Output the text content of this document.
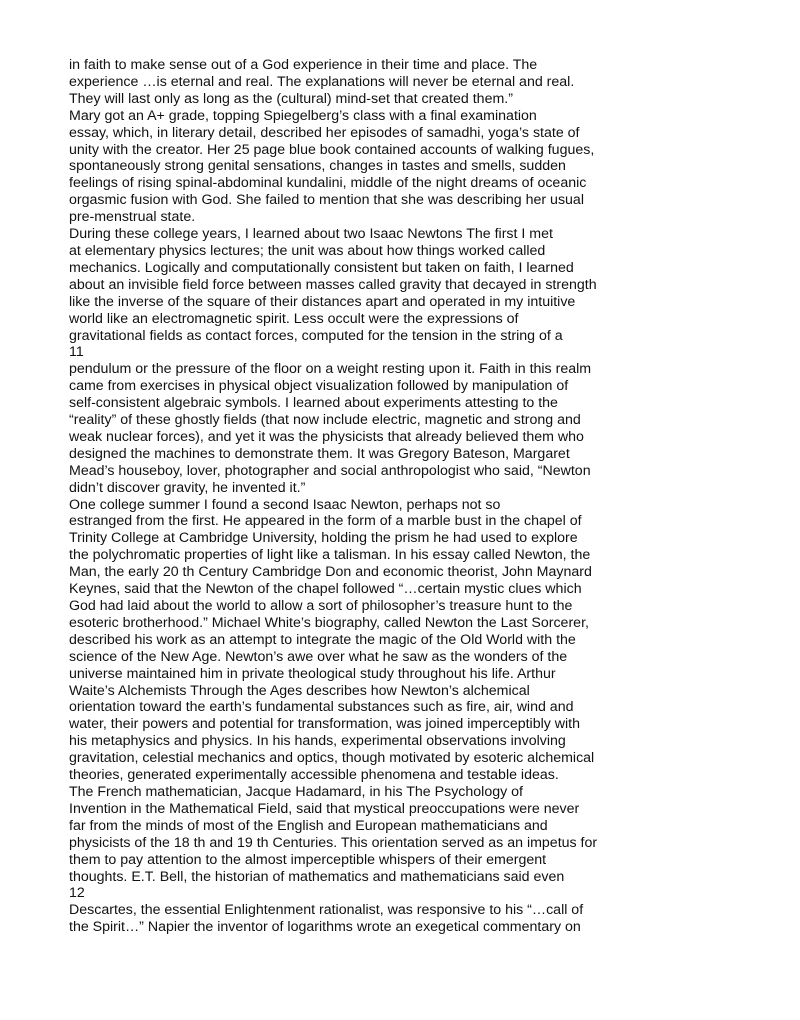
in faith to make sense out of a God experience in their time and place. The
experience …is eternal and real. The explanations will never be eternal and real.
They will last only as long as the (cultural) mind-set that created them.”
Mary got an A+ grade, topping Spiegelberg’s class with a final examination
essay, which, in literary detail, described her episodes of samadhi, yoga’s state of
unity with the creator. Her 25 page blue book contained accounts of walking fugues,
spontaneously strong genital sensations, changes in tastes and smells, sudden
feelings of rising spinal-abdominal kundalini, middle of the night dreams of oceanic
orgasmic fusion with God. She failed to mention that she was describing her usual
pre-menstrual state.
During these college years, I learned about two Isaac Newtons The first I met
at elementary physics lectures; the unit was about how things worked called
mechanics. Logically and computationally consistent but taken on faith, I learned
about an invisible field force between masses called gravity that decayed in strength
like the inverse of the square of their distances apart and operated in my intuitive
world like an electromagnetic spirit. Less occult were the expressions of
gravitational fields as contact forces, computed for the tension in the string of a
11
pendulum or the pressure of the floor on a weight resting upon it. Faith in this realm
came from exercises in physical object visualization followed by manipulation of
self-consistent algebraic symbols. I learned about experiments attesting to the
“reality” of these ghostly fields (that now include electric, magnetic and strong and
weak nuclear forces), and yet it was the physicists that already believed them who
designed the machines to demonstrate them. It was Gregory Bateson, Margaret
Mead’s houseboy, lover, photographer and social anthropologist who said, “Newton
didn’t discover gravity, he invented it.”
One college summer I found a second Isaac Newton, perhaps not so
estranged from the first. He appeared in the form of a marble bust in the chapel of
Trinity College at Cambridge University, holding the prism he had used to explore
the polychromatic properties of light like a talisman. In his essay called Newton, the
Man, the early 20 th Century Cambridge Don and economic theorist, John Maynard
Keynes, said that the Newton of the chapel followed “…certain mystic clues which
God had laid about the world to allow a sort of philosopher’s treasure hunt to the
esoteric brotherhood.” Michael White’s biography, called Newton the Last Sorcerer,
described his work as an attempt to integrate the magic of the Old World with the
science of the New Age. Newton’s awe over what he saw as the wonders of the
universe maintained him in private theological study throughout his life. Arthur
Waite’s Alchemists Through the Ages describes how Newton’s alchemical
orientation toward the earth’s fundamental substances such as fire, air, wind and
water, their powers and potential for transformation, was joined imperceptibly with
his metaphysics and physics. In his hands, experimental observations involving
gravitation, celestial mechanics and optics, though motivated by esoteric alchemical
theories, generated experimentally accessible phenomena and testable ideas.
The French mathematician, Jacque Hadamard, in his The Psychology of
Invention in the Mathematical Field, said that mystical preoccupations were never
far from the minds of most of the English and European mathematicians and
physicists of the 18 th and 19 th Centuries. This orientation served as an impetus for
them to pay attention to the almost imperceptible whispers of their emergent
thoughts. E.T. Bell, the historian of mathematics and mathematicians said even
12
Descartes, the essential Enlightenment rationalist, was responsive to his “…call of
the Spirit…” Napier the inventor of logarithms wrote an exegetical commentary on
